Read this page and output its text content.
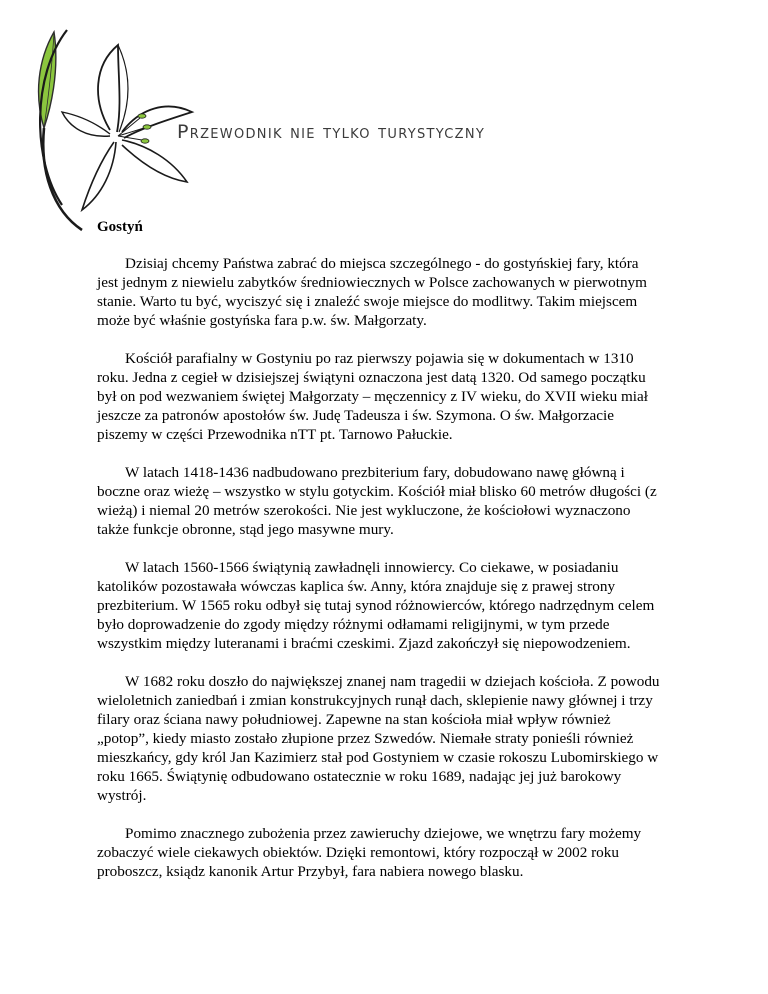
Przewodnik nie tylko turystyczny
Gostyń

Dzisiaj chcemy Państwa zabrać do miejsca szczególnego - do gostyńskiej fary, która jest jednym z niewielu zabytków średniowiecznych w Polsce zachowanych w pierwotnym stanie. Warto tu być, wyciszyć się i znaleźć swoje miejsce do modlitwy. Takim miejscem może być właśnie gostyńska fara p.w. św. Małgorzaty.

Kościół parafialny w Gostyniu po raz pierwszy pojawia się w dokumentach w 1310 roku. Jedna z cegieł w dzisiejszej świątyni oznaczona jest datą 1320. Od samego początku był on pod wezwaniem świętej Małgorzaty – męczennicy z IV wieku, do XVII wieku miał jeszcze za patronów apostołów św. Judę Tadeusza i św. Szymona. O św. Małgorzacie piszemy w części Przewodnika nTT pt. Tarnowo Pałuckie.

W latach 1418-1436 nadbudowano prezbiterium fary, dobudowano nawę główną i boczne oraz wieżę – wszystko w stylu gotyckim. Kościół miał blisko 60 metrów długości (z wieżą) i niemal 20 metrów szerokości. Nie jest wykluczone, że kościołowi wyznaczono także funkcje obronne, stąd jego masywne mury.

W latach 1560-1566 świątynią zawładnęli innowiercy. Co ciekawe, w posiadaniu katolików pozostawała wówczas kaplica św. Anny, która znajduje się z prawej strony prezbiterium. W 1565 roku odbył się tutaj synod różnowierców, którego nadrzędnym celem było doprowadzenie do zgody między różnymi odłamami religijnymi, w tym przede wszystkim między luteranami i braćmi czeskimi. Zjazd zakończył się niepowodzeniem.

W 1682 roku doszło do największej znanej nam tragedii w dziejach kościoła. Z powodu wieloletnich zaniedbań i zmian konstrukcyjnych runął dach, sklepienie nawy głównej i trzy filary oraz ściana nawy południowej. Zapewne na stan kościoła miał wpływ również „potop”, kiedy miasto zostało złupione przez Szwedów. Niemałe straty ponieśli również mieszkańcy, gdy król Jan Kazimierz stał pod Gostyniem w czasie rokoszu Lubomirskiego w roku 1665. Świątynię odbudowano ostatecznie w roku 1689, nadając jej już barokowy wystrój.

Pomimo znacznego zubożenia przez zawieruchy dziejowe, we wnętrzu fary możemy zobaczyć wiele ciekawych obiektów. Dzięki remontowi, który rozpoczął w 2002 roku proboszcz, ksiądz kanonik Artur Przybył, fara nabiera nowego blasku.
